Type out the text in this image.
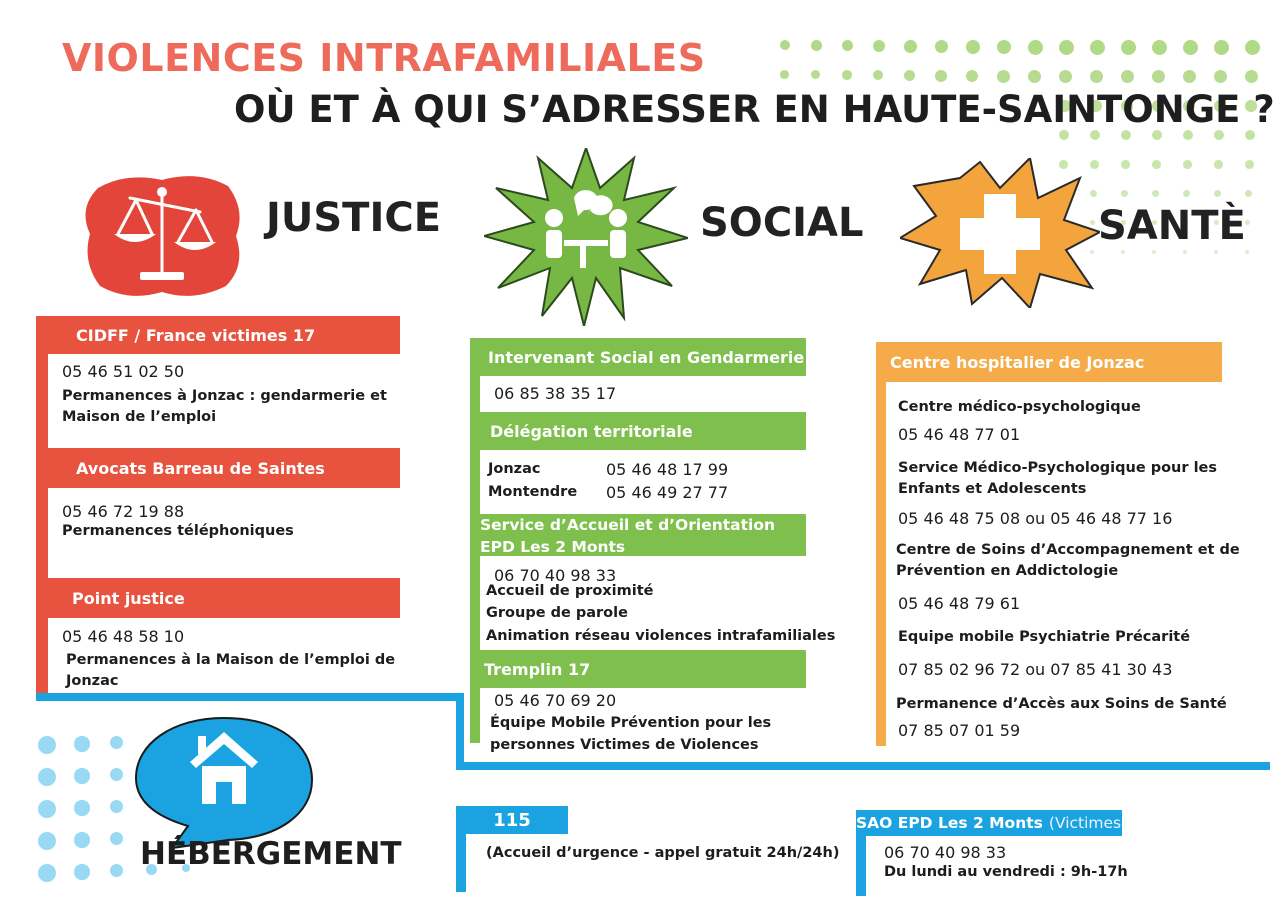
VIOLENCES INTRAFAMILIALES
OÙ ET À QUI S’ADRESSER EN HAUTE-SAINTONGE ?
JUSTICE	SOCIAL	SANTÈ
CIDFF / France victimes 17
05 46 51 02 50
Permanences à Jonzac : gendarmerie et
Maison de l’emploi
Avocats Barreau de Saintes
05 46 72 19 88
Permanences téléphoniques
Point justice
05 46 48 58 10
Permanences à la Maison de l’emploi de
Jonzac
Intervenant Social en Gendarmerie
06 85 38 35 17
Délégation territoriale
Jonzac	05 46 48 17 99
Montendre 05 46 49 27 77
Service d’Accueil et d’Orientation
EPD Les 2 Monts
06 70 40 98 33
Accueil de proximité
Groupe de parole
Animation réseau violences intrafamiliales
Tremplin 17
05 46 70 69 20
Équipe Mobile Prévention pour les
personnes Victimes de Violences
Centre hospitalier de Jonzac
Centre médico-psychologique
05 46 48 77 01
Service Médico-Psychologique pour les
Enfants et Adolescents
05 46 48 75 08 ou 05 46 48 77 16
Centre de Soins d’Accompagnement et de
Prévention en Addictologie
05 46 48 79 61
Equipe mobile Psychiatrie Précarité
07 85 02 96 72 ou 07 85 41 30 43
Permanence d’Accès aux Soins de Santé
07 85 07 01 59
HÉBERGEMENT
115
(Accueil d’urgence - appel gratuit 24h/24h)
SAO EPD Les 2 Monts (Victimes)
06 70 40 98 33
Du lundi au vendredi : 9h-17h
